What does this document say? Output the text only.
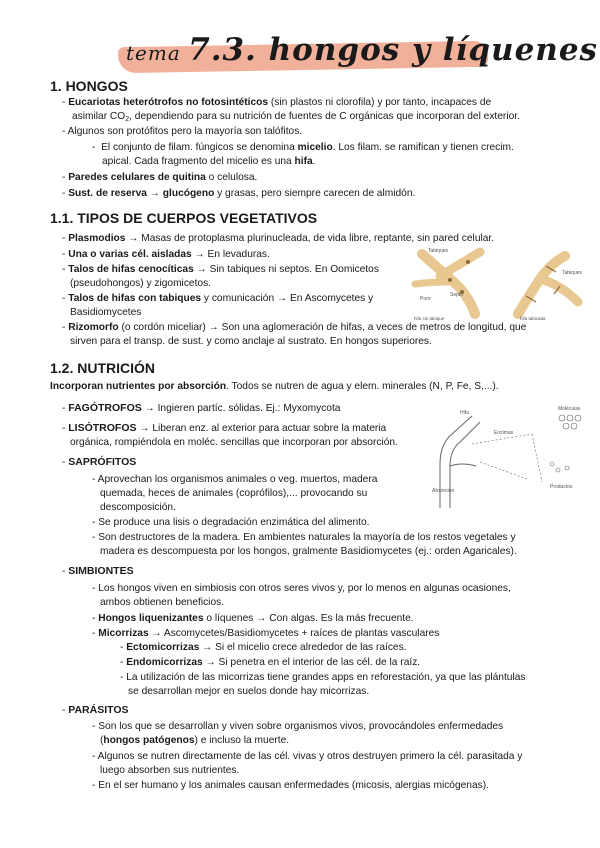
tema 7.3. hongos y líquenes
1. HONGOS
- Eucariotas heterótrofos no fotosintéticos (sin plastos ni clorofila) y por tanto, incapaces de
asimilar $CO_2$, dependiendo para su nutrición de fuentes de C orgánicas que incorporan del exterior.
- Algunos son protófitos pero la mayoría son talófitos.
-  El conjunto de filam. fúngicos se denomina micelio. Los filam. se ramifican y tienen crecim.
apical. Cada fragmento del micelio es una hifa.
- Paredes celulares de quitina o celulosa.
- Sust. de reserva → glucógeno y grasas, pero siempre carecen de almidón.
1.1. TIPOS DE CUERPOS VEGETATIVOS
- Plasmodios → Masas de protoplasma plurinucleada, de vida libre, reptante, sin pared celular.
- Una o varias cél. aisladas → En levaduras.
- Talos de hifas cenocíticas → Sin tabiques ni septos. En Oomicetos
(pseudohongos) y zigomicetos.
- Talos de hifas con tabiques y comunicación → En Ascomycetes y
Basidiomycetes
- Rizomorfo (o cordón miceliar) → Son una aglomeración de hifas, a veces de metros de longitud, que
sirven para el transp. de sust. y como anclaje al sustrato. En hongos superiores.
Tabiques
Poro
Septo
Tabiques
hifa sin tabique	hifa tabicada
1.2. NUTRICIÓN
Incorporan nutrientes por absorción. Todos se nutren de agua y elem. minerales (N, P, Fe, S,...).
- FAGÓTROFOS → Ingieren partíc. sólidas. Ej.: Myxomycota
- LISÓTROFOS → Liberan enz. al exterior para actuar sobre la materia
orgánica, rompiéndola en moléc. sencillas que incorporan por absorción.
- SAPRÓFITOS
- Aprovechan los organismos animales o veg. muertos, madera
quemada, heces de animales (coprófilos),... provocando su
descomposición.
- Se produce una lisis o degradación enzimática del alimento.
- Son destructores de la madera. En ambientes naturales la mayoría de los restos vegetales y
madera es descompuesta por los hongos, gralmente Basidiomycetes (ej.: orden Agaricales).
Hifa
Enzimas
Moléculas
Absorción
Productos
- SIMBIONTES
- Los hongos viven en simbiosis con otros seres vivos y, por lo menos en algunas ocasiones,
ambos obtienen beneficios.
- Hongos liquenizantes o líquenes → Con algas. Es la más frecuente.
- Micorrizas → Ascomycetes/Basidiomycetes + raíces de plantas vasculares
- Ectomicorrizas → Si el micelio crece alrededor de las raíces.
- Endomicorrizas → Si penetra en el interior de las cél. de la raíz.
- La utilización de las micorrizas tiene grandes apps en reforestación, ya que las plántulas
se desarrollan mejor en suelos donde hay micorrizas.
- PARÁSITOS
- Son los que se desarrollan y viven sobre organismos vivos, provocándoles enfermedades
(hongos patógenos) e incluso la muerte.
- Algunos se nutren directamente de las cél. vivas y otros destruyen primero la cél. parasitada y
luego absorben sus nutrientes.
- En el ser humano y los animales causan enfermedades (micosis, alergias micógenas).
